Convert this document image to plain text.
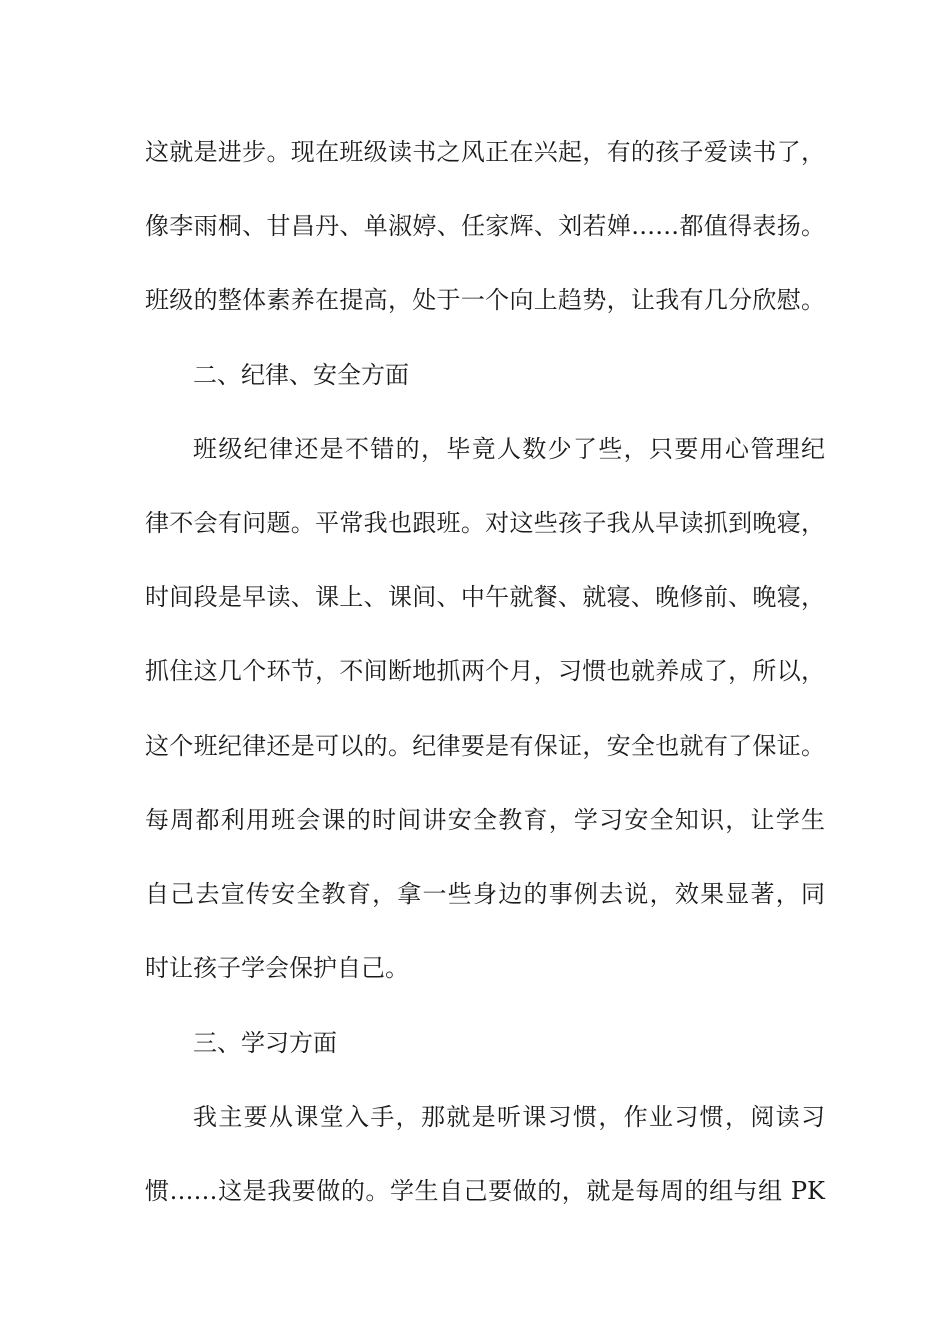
这就是进步。现在班级读书之风正在兴起，有的孩子爱读书了，
像李雨桐、甘昌丹、单淑婷、任家辉、刘若婵……都值得表扬。
班级的整体素养在提高，处于一个向上趋势，让我有几分欣慰。
二、纪律、安全方面
班级纪律还是不错的，毕竟人数少了些，只要用心管理纪
律不会有问题。平常我也跟班。对这些孩子我从早读抓到晚寝，
时间段是早读、课上、课间、中午就餐、就寝、晚修前、晚寝，
抓住这几个环节，不间断地抓两个月，习惯也就养成了，所以，
这个班纪律还是可以的。纪律要是有保证，安全也就有了保证。
每周都利用班会课的时间讲安全教育，学习安全知识，让学生
自己去宣传安全教育，拿一些身边的事例去说，效果显著，同
时让孩子学会保护自己。
三、学习方面
我主要从课堂入手，那就是听课习惯，作业习惯，阅读习
惯……这是我要做的。学生自己要做的，就是每周的组与组 PK
